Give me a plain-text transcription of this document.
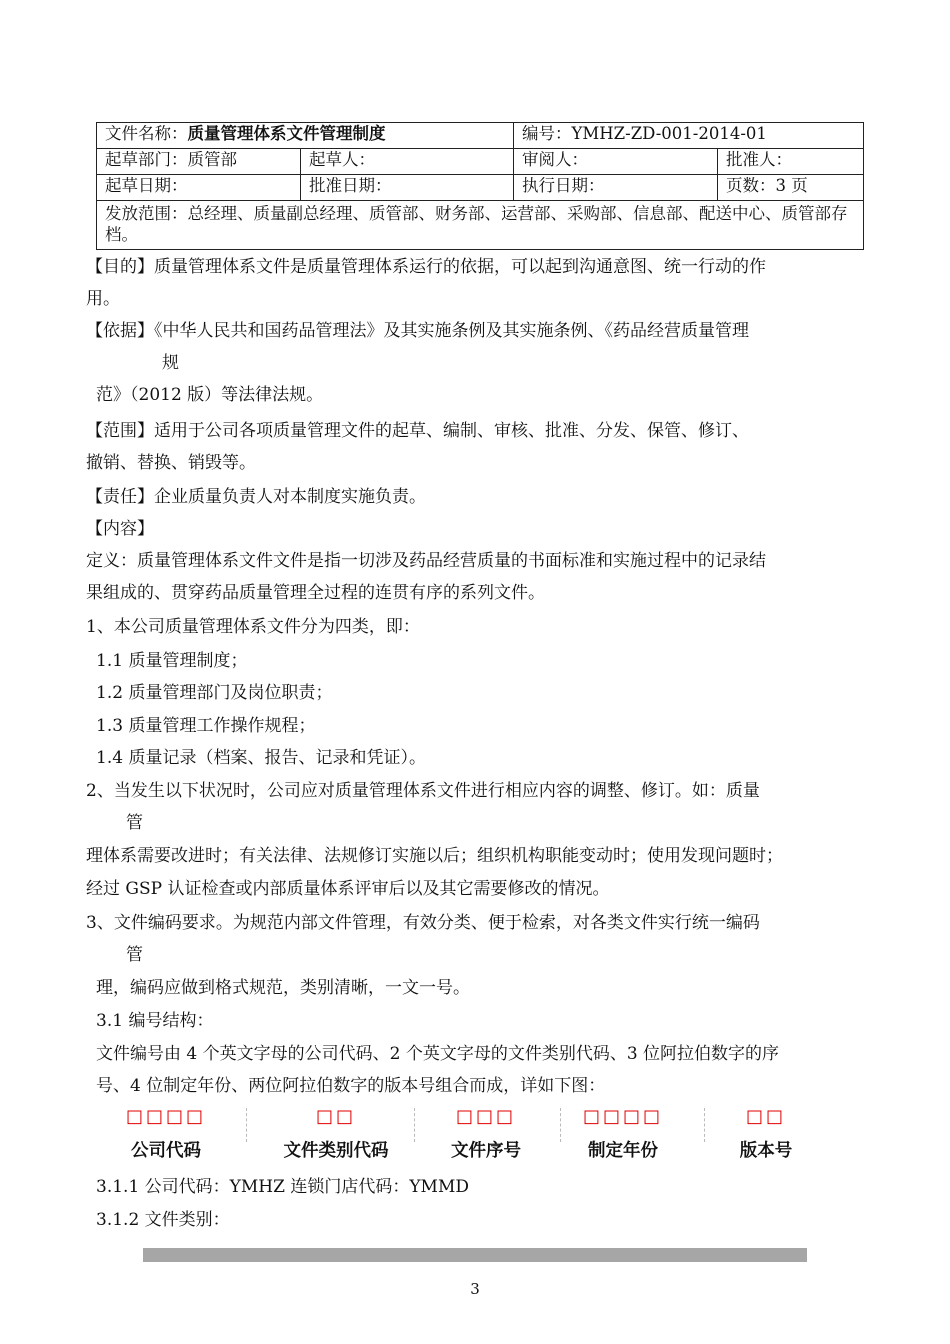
文件名称：质量管理体系文件管理制度		编号：YMHZ-ZD-001-2014-01	
起草部门：质管部	起草人：	审阅人：	批准人：
起草日期：	批准日期：	执行日期：	页数：3 页
发放范围：总经理、质量副总经理、质管部、财务部、运营部、采购部、信息部、配送中心、质管部存档。			
【目的】质量管理体系文件是质量管理体系运行的依据，可以起到沟通意图、统一行动的作
用。
【依据】《中华人民共和国药品管理法》及其实施条例及其实施条例、《药品经营质量管理
规
范》（2012 版）等法律法规。
【范围】适用于公司各项质量管理文件的起草、编制、审核、批准、分发、保管、修订、
撤销、替换、销毁等。
【责任】企业质量负责人对本制度实施负责。
【内容】
定义：质量管理体系文件文件是指一切涉及药品经营质量的书面标准和实施过程中的记录结
果组成的、贯穿药品质量管理全过程的连贯有序的系列文件。
1、本公司质量管理体系文件分为四类，即：
1.1 质量管理制度；
1.2 质量管理部门及岗位职责；
1.3 质量管理工作操作规程；
1.4 质量记录（档案、报告、记录和凭证）。
2、当发生以下状况时，公司应对质量管理体系文件进行相应内容的调整、修订。如：质量
管
理体系需要改进时；有关法律、法规修订实施以后；组织机构职能变动时；使用发现问题时；
经过 GSP 认证检查或内部质量体系评审后以及其它需要修改的情况。
3、文件编码要求。为规范内部文件管理，有效分类、便于检索，对各类文件实行统一编码
管
理，编码应做到格式规范，类别清晰，一文一号。
3.1 编号结构：
文件编号由 4 个英文字母的公司代码、2 个英文字母的文件类别代码、3 位阿拉伯数字的序
号、4 位制定年份、两位阿拉伯数字的版本号组合而成，详如下图：
□□□□
公司代码
□□
文件类别代码
□□□
文件序号
□□□□
制定年份
□□
版本号
3.1.1 公司代码：YMHZ 连锁门店代码：YMMD
3.1.2 文件类别：
3
